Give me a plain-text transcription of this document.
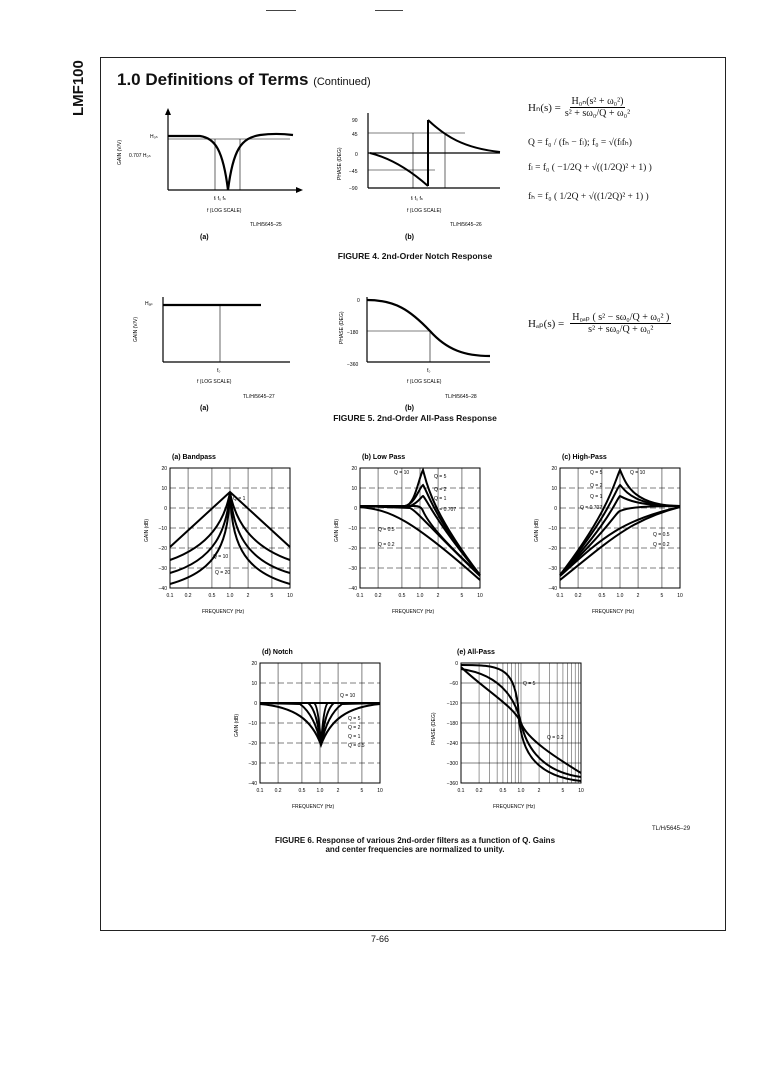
LMF100	1.0 Definitions of Terms (Continued)
GAIN (V/V)
H₀ₙ
0.707 H₀ₙ
fₗ f₀ fₕ
f (LOG SCALE)
TL/H/5645–25
(a)
PHASE (DEG)
90
45
0
−45
−90
fₗ f₀ fₕ
f (LOG SCALE)
TL/H/5645–26
(b)
$H_n(s) = \frac{\text{H₀ₙ(s² + ω₀²)}}{\text{s² + sω₀/Q + ω₀²}}$
Q = f₀ / (fₕ − fₗ); f₀ = √(fₗfₕ)
fₗ = f₀ ( −1/2Q + √((1/2Q)² + 1) )
fₕ = f₀ ( 1/2Q + √((1/2Q)² + 1) )
FIGURE 4. 2nd-Order Notch Response
GAIN (V/V)
Hₐₚ
f₀
f (LOG SCALE)
TL/H/5645–27
(a)
PHASE (DEG)
0
−180
−360
f₀
f (LOG SCALE)
TL/H/5645–28
(b)
$H_{ap}(s) = \frac{\text{H₀ₐₚ ( s² − sω₀/Q + ω₀² )}}{\text{s² + sω₀/Q + ω₀²}}$
FIGURE 5. 2nd-Order All-Pass Response
(a) Bandpass
GAIN (dB)
Q = 1
Q = 10
Q = 20
FREQUENCY (Hz)
20
10
0
−10
−20
−30
−40
0.1 0.2	0.5 1.0	2	5	10
(b) Low Pass
GAIN (dB)
Q = 10
Q = 5
Q = 2
Q = 1
Q = 0.707
Q = 0.5
Q = 0.2
FREQUENCY (Hz)
20
10
0
−10
−20
−30
−40
0.1 0.2	0.5 1.0	2	5	10
(c) High-Pass
GAIN (dB)
Q = 5	Q = 10
Q = 2
Q = 1
Q = 0.707
Q = 0.5
Q = 0.2
FREQUENCY (Hz)
20
10
0
−10
−20
−30
−40
0.1 0.2	0.5 1.0	2	5	10
(d) Notch
GAIN (dB)
Q = 10
Q = 5
Q = 2
Q = 1
Q = 0.5
FREQUENCY (Hz)
20
10
0
−10
−20
−30
−40
0.1 0.2	0.5 1.0	2	5	10
(e) All-Pass
PHASE (DEG)
Q = 5
Q = 0.2
FREQUENCY (Hz)
0
−60
−120
−180
−240
−300
−360
0.1 0.2	0.5 1.0	2	5	10
TL/H/5645–29
FIGURE 6. Response of various 2nd-order filters as a function of Q. Gains
and center frequencies are normalized to unity.
7-66
